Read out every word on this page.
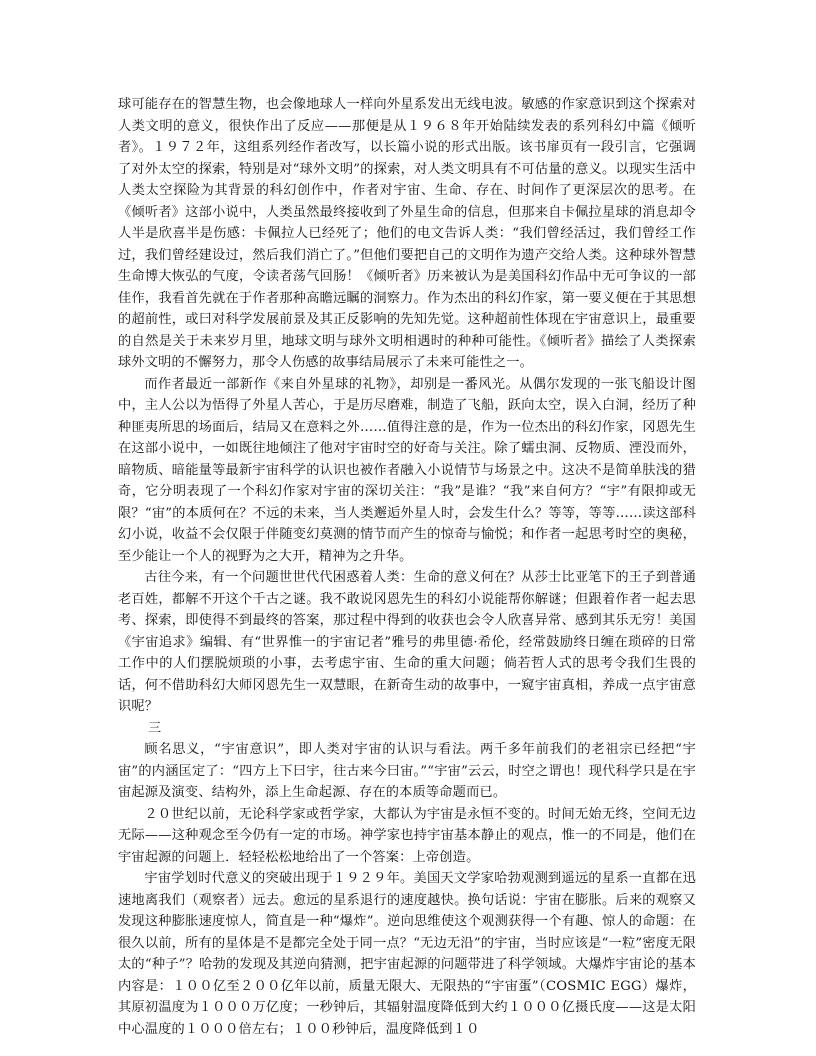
球可能存在的智慧生物，也会像地球人一样向外星系发出无线电波。敏感的作家意识到这个探索对人类文明的意义，很快作出了反应——那便是从１９６８年开始陆续发表的系列科幻中篇《倾听者》。１９７２年，这组系列经作者改写，以长篇小说的形式出版。该书扉页有一段引言，它强调了对外太空的探索，特别是对“球外文明”的探索，对人类文明具有不可估量的意义。以现实生活中人类太空探险为其背景的科幻创作中，作者对宇宙、生命、存在、时间作了更深层次的思考。在《倾听者》这部小说中，人类虽然最终接收到了外星生命的信息，但那来自卡佩拉星球的消息却令人半是欣喜半是伤感：卡佩拉人已经死了；他们的电文告诉人类：“我们曾经活过，我们曾经工作过，我们曾经建设过，然后我们消亡了。”但他们要把自己的文明作为遗产交给人类。这种球外智慧生命博大恢弘的气度，令读者荡气回肠！《倾听者》历来被认为是美国科幻作品中无可争议的一部佳作，我看首先就在于作者那种高瞻远瞩的洞察力。作为杰出的科幻作家，第一要义便在于其思想的超前性，或曰对科学发展前景及其正反影响的先知先觉。这种超前性体现在宇宙意识上，最重要的自然是关于未来岁月里，地球文明与球外文明相遇时的种种可能性。《倾听者》描绘了人类探索球外文明的不懈努力，那令人伤感的故事结局展示了未来可能性之一。

而作者最近一部新作《来自外星球的礼物》，却别是一番风光。从偶尔发现的一张飞船设计图中，主人公以为悟得了外星人苦心，于是历尽磨难，制造了飞船，跃向太空，误入白洞，经历了种种匪夷所思的场面后，结局又在意料之外……值得注意的是，作为一位杰出的科幻作家，冈恩先生在这部小说中，一如既往地倾注了他对宇宙时空的好奇与关注。除了蠕虫洞、反物质、湮没而外，暗物质、暗能量等最新宇宙科学的认识也被作者融入小说情节与场景之中。这决不是简单肤浅的猎奇，它分明表现了一个科幻作家对宇宙的深切关注：“我”是谁？“我”来自何方？“宇”有限抑或无限？“宙”的本质何在？不远的未来，当人类邂逅外星人时，会发生什么？等等，等等……读这部科幻小说，收益不会仅限于伴随变幻莫测的情节而产生的惊奇与愉悦；和作者一起思考时空的奥秘，至少能让一个人的视野为之大开，精神为之升华。

古往今来，有一个问题世世代代困惑着人类：生命的意义何在？从莎士比亚笔下的王子到普通老百姓，都解不开这个千古之谜。我不敢说冈恩先生的科幻小说能帮你解谜；但跟着作者一起去思考、探索，即使得不到最终的答案，那过程中得到的收获也会令人欣喜异常、感到其乐无穷！美国《宇宙追求》编辑、有“世界惟一的宇宙记者”雅号的弗里德·希伦，经常鼓励终日缠在琐碎的日常工作中的人们摆脱烦琐的小事，去考虑宇宙、生命的重大问题；倘若哲人式的思考令我们生畏的话，何不借助科幻大师冈恩先生一双慧眼，在新奇生动的故事中，一窥宇宙真相，养成一点宇宙意识呢？

三

顾名思义，“宇宙意识”，即人类对宇宙的认识与看法。两千多年前我们的老祖宗已经把“宇宙”的内涵匡定了：“四方上下曰宇，往古来今曰宙。”“宇宙”云云，时空之谓也！现代科学只是在宇宙起源及演变、结构外，添上生命起源、存在的本质等命题而已。

２０世纪以前，无论科学家或哲学家，大都认为宇宙是永恒不变的。时间无始无终，空间无边无际——这种观念至今仍有一定的市场。神学家也持宇宙基本静止的观点，惟一的不同是，他们在宇宙起源的问题上．轻轻松松地给出了一个答案：上帝创造。

宇宙学划时代意义的突破出现于１９２９年。美国天文学家哈勃观测到遥远的星系一直都在迅速地离我们（观察者）远去。愈远的星系退行的速度越快。换句话说：宇宙在膨胀。后来的观察又发现这种膨胀速度惊人，简直是一种“爆炸”。逆向思维使这个观测获得一个有趣、惊人的命题：在很久以前，所有的星体是不是都完全处于同一点？“无边无沿”的宇宙，当时应该是“一粒”密度无限太的“种子”？哈勃的发现及其逆向猜测，把宇宙起源的问题带进了科学领域。大爆炸宇宙论的基本内容是：１００亿至２００亿年以前，质量无限大、无限热的“宇宙蛋”（COSMIC EGG）爆炸，其原初温度为１０００万亿度；一秒钟后，其辐射温度降低到大约１０００亿摄氏度——这是太阳中心温度的１０００倍左右；１００秒钟后，温度降低到１０
